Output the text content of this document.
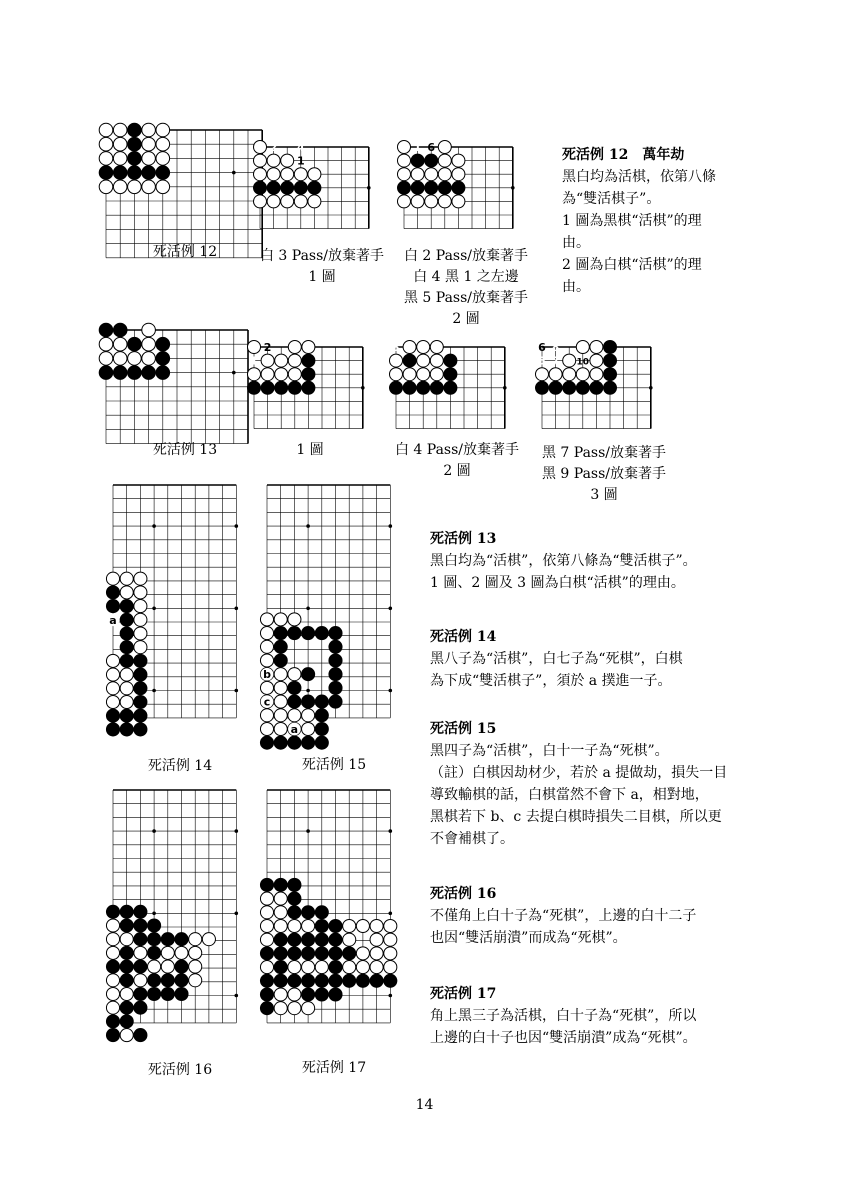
死活例 12
2 4
1
白 3 Pass/放棄著手
1 圖
1 6
3
白 2 Pass/放棄著手
白 4 黑 1 之左邊
黑 5 Pass/放棄著手
2 圖
死活例 12　萬年劫
黑白均為活棋，依第八條
為“雙活棋子”。
1 圖為黑棋“活棋”的理
由。
2 圖為白棋“活棋”的理
由。
死活例 13
2
1
1 圖
3
白 4 Pass/放棄著手
2 圖
6 8
5 7 10
黑 7 Pass/放棄著手
黑 9 Pass/放棄著手
3 圖
a
死活例 14
b
c
a
死活例 15
死活例 16	死活例 17
死活例 13
黑白均為“活棋”，依第八條為“雙活棋子”。
1 圖、2 圖及 3 圖為白棋“活棋”的理由。
死活例 14
黑八子為“活棋”，白七子為“死棋”，白棋
為下成“雙活棋子”，須於 a 撲進一子。
死活例 15
黑四子為“活棋”，白十一子為“死棋”。
（註）白棋因劫材少，若於 a 提做劫，損失一目
導致輸棋的話，白棋當然不會下 a，相對地，
黑棋若下 b、c 去提白棋時損失二目棋，所以更
不會補棋了。
死活例 16
不僅角上白十子為“死棋”，上邊的白十二子
也因“雙活崩潰”而成為“死棋”。
死活例 17
角上黑三子為活棋，白十子為“死棋”，所以
上邊的白十子也因“雙活崩潰”成為“死棋”。
14
